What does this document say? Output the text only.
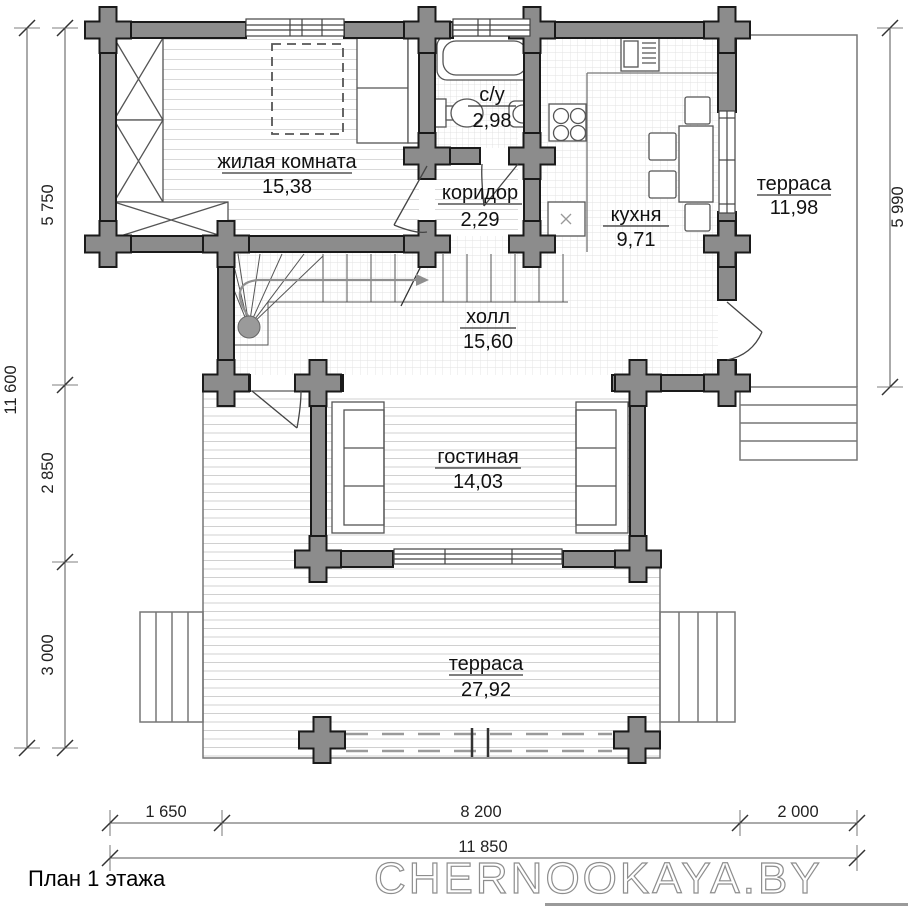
жилая комната
15,38
с/у
2,98
коридор
2,29	кухня
9,71
терраса
11,98
холл
15,60
гостиная
14,03
терраса
27,92
11 600
5 750
2 850
3 000
5 990
1 650	8 200	2 000
11 850
План 1 этажа	CHERNOOKAYA.BY
